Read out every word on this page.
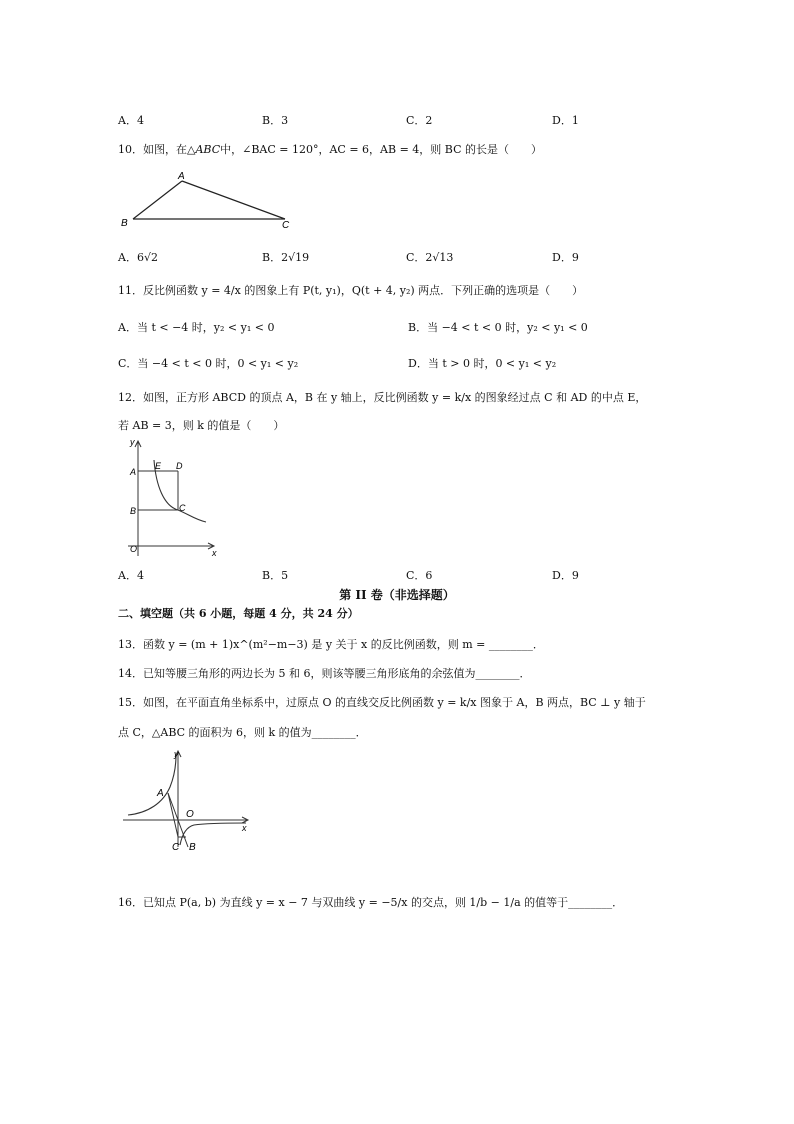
A．4	B．3	C．2	D．1
10．如图，在△ABC中，∠BAC = 120°，AC = 6，AB = 4，则 BC 的长是（　　）
A
B	C
A．6√2	B．2√19	C．2√13	D．9
11．反比例函数 y = 4/x 的图象上有 P(t, y₁)，Q(t + 4, y₂) 两点．下列正确的选项是（　　）
A．当 t < −4 时，y₂ < y₁ < 0	B．当 −4 < t < 0 时，y₂ < y₁ < 0
C．当 −4 < t < 0 时，0 < y₁ < y₂	D．当 t > 0 时，0 < y₁ < y₂
12．如图，正方形 ABCD 的顶点 A，B 在 y 轴上，反比例函数 y = k/x 的图象经过点 C 和 AD 的中点 E，
若 AB = 3，则 k 的值是（　　）
y
x
A
B	C
D
E
O
A．4	B．5	C．6	D．9
第 II 卷（非选择题）
二、填空题（共 6 小题，每题 4 分，共 24 分）
13．函数 y = (m + 1)x^(m²−m−3) 是 y 关于 x 的反比例函数，则 m = ________．
14．已知等腰三角形的两边长为 5 和 6，则该等腰三角形底角的余弦值为________．
15．如图，在平面直角坐标系中，过原点 O 的直线交反比例函数 y = k/x 图象于 A，B 两点，BC ⊥ y 轴于
点 C，△ABC 的面积为 6，则 k 的值为________．
y
x
A
O
C B
16．已知点 P(a, b) 为直线 y = x − 7 与双曲线 y = −5/x 的交点，则 1/b − 1/a 的值等于________．
